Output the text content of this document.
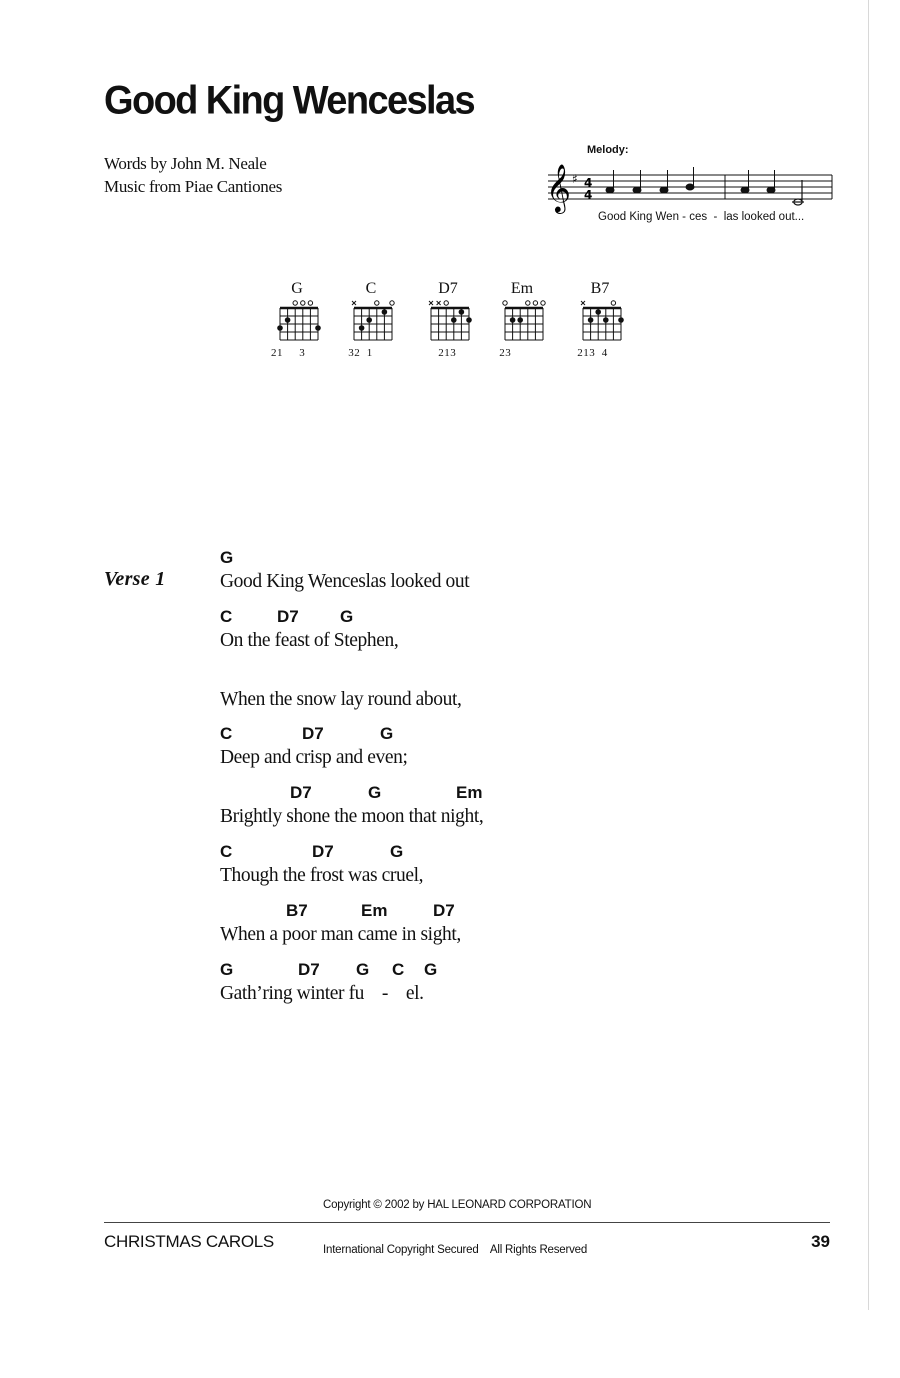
Good King Wenceslas
Words by John M. Neale
Music from Piae Cantiones	𝄞 ♯ 4
4
Melody:
Good King Wen - ces  -  las looked out...
G
21     3
C
32  1
D7
213
Em
23
B7
213  4
Verse 1
G
Good King Wenceslas looked out
C	D7 G
On the feast of Stephen,
When the snow lay round about,
C	D7	G
Deep and crisp and even;
D7	G	Em
Brightly shone the moon that night,
C	D7	G
Though the frost was cruel,
B7	Em	D7
When a poor man came in sight,
G	D7 G C G
Gath’ring winter fu    -    el.

Copyright © 2002 by HAL LEONARD CORPORATION

International Copyright Secured    All Rights Reserved

CHRISTMAS CAROLS	39
